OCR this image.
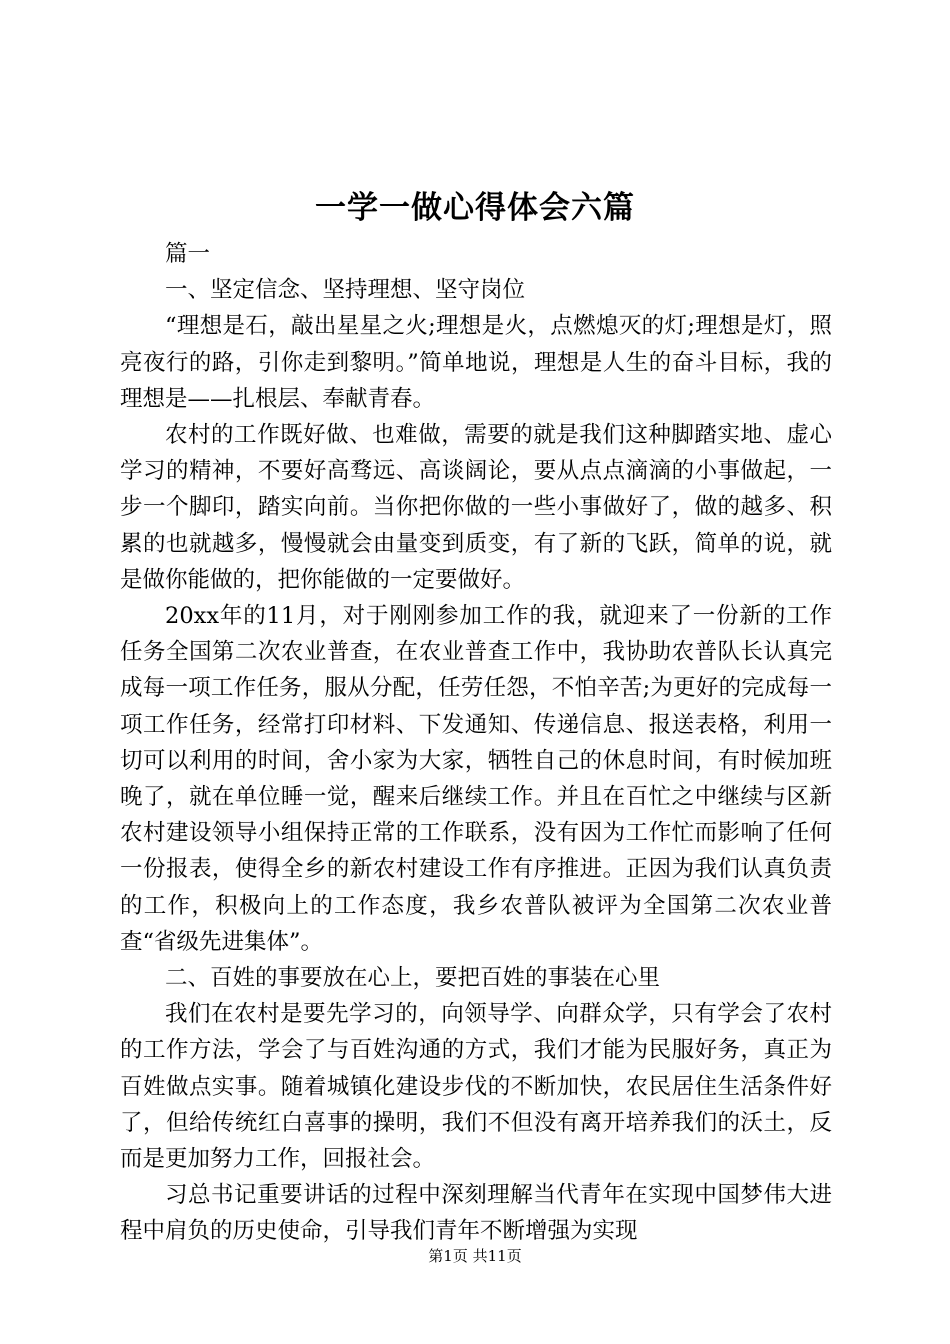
一学一做心得体会六篇

篇一

一、坚定信念、坚持理想、坚守岗位

“理想是石，敲出星星之火;理想是火，点燃熄灭的灯;理想是灯，照亮夜行的路，引你走到黎明。”简单地说，理想是人生的奋斗目标，我的理想是——扎根层、奉献青春。

农村的工作既好做、也难做，需要的就是我们这种脚踏实地、虚心学习的精神，不要好高骛远、高谈阔论，要从点点滴滴的小事做起，一步一个脚印，踏实向前。当你把你做的一些小事做好了，做的越多、积累的也就越多，慢慢就会由量变到质变，有了新的飞跃，简单的说，就是做你能做的，把你能做的一定要做好。

20xx年的11月，对于刚刚参加工作的我，就迎来了一份新的工作任务全国第二次农业普查，在农业普查工作中，我协助农普队长认真完成每一项工作任务，服从分配，任劳任怨，不怕辛苦;为更好的完成每一项工作任务，经常打印材料、下发通知、传递信息、报送表格，利用一切可以利用的时间，舍小家为大家，牺牲自己的休息时间，有时候加班晚了，就在单位睡一觉，醒来后继续工作。并且在百忙之中继续与区新农村建设领导小组保持正常的工作联系，没有因为工作忙而影响了任何一份报表，使得全乡的新农村建设工作有序推进。正因为我们认真负责的工作，积极向上的工作态度，我乡农普队被评为全国第二次农业普查“省级先进集体”。

二、百姓的事要放在心上，要把百姓的事装在心里

我们在农村是要先学习的，向领导学、向群众学，只有学会了农村的工作方法，学会了与百姓沟通的方式，我们才能为民服好务，真正为百姓做点实事。随着城镇化建设步伐的不断加快，农民居住生活条件好了，但给传统红白喜事的操明，我们不但没有离开培养我们的沃土，反而是更加努力工作，回报社会。

习总书记重要讲话的过程中深刻理解当代青年在实现中国梦伟大进程中肩负的历史使命，引导我们青年不断增强为实现

第1页 共11页
